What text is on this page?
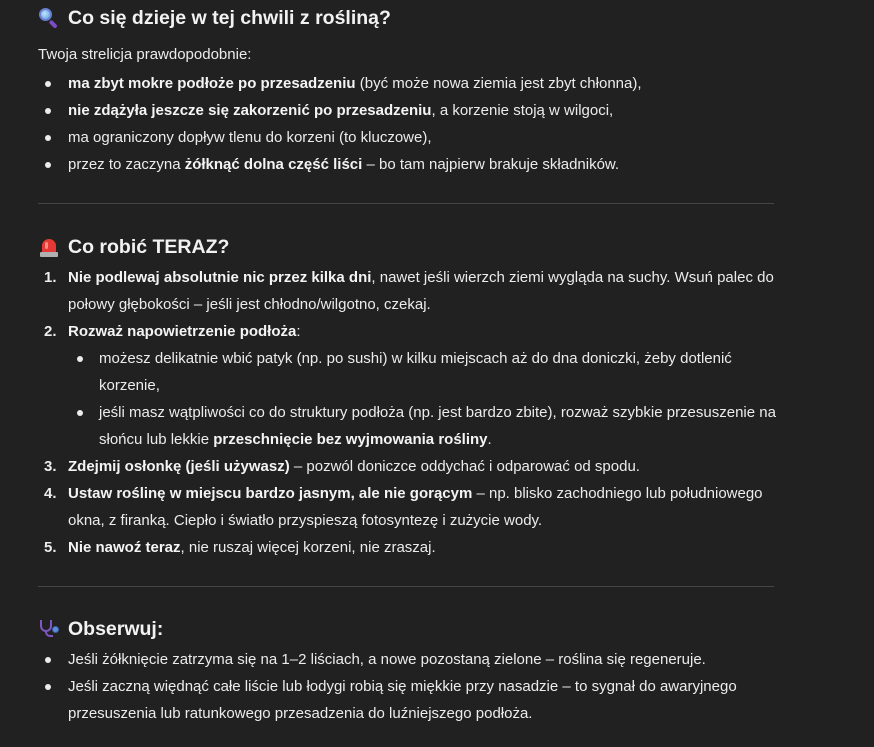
Co się dzieje w tej chwili z rośliną?

Twoja strelicja prawdopodobnie:

ma zbyt mokre podłoże po przesadzeniu (być może nowa ziemia jest zbyt chłonna),
nie zdążyła jeszcze się zakorzenić po przesadzeniu, a korzenie stoją w wilgoci,
ma ograniczony dopływ tlenu do korzeni (to kluczowe),
przez to zaczyna żółknąć dolna część liści – bo tam najpierw brakuje składników.
Co robić TERAZ?
1. Nie podlewaj absolutnie nic przez kilka dni, nawet jeśli wierzch ziemi wygląda na suchy. Wsuń palec do połowy głębokości – jeśli jest chłodno/wilgotno, czekaj.
2. Rozważ napowietrzenie podłoża:
możesz delikatnie wbić patyk (np. po sushi) w kilku miejscach aż do dna doniczki, żeby dotlenić korzenie,
jeśli masz wątpliwości co do struktury podłoża (np. jest bardzo zbite), rozważ szybkie przesuszenie na słońcu lub lekkie przeschnięcie bez wyjmowania rośliny.
3. Zdejmij osłonkę (jeśli używasz) – pozwól doniczce oddychać i odparować od spodu.
4. Ustaw roślinę w miejscu bardzo jasnym, ale nie gorącym – np. blisko zachodniego lub południowego okna, z firanką. Ciepło i światło przyspieszą fotosyntezę i zużycie wody.
5. Nie nawoź teraz, nie ruszaj więcej korzeni, nie zraszaj.
Obserwuj:
Jeśli żółknięcie zatrzyma się na 1–2 liściach, a nowe pozostaną zielone – roślina się regeneruje.
Jeśli zaczną więdnąć całe liście lub łodygi robią się miękkie przy nasadzie – to sygnał do awaryjnego przesuszenia lub ratunkowego przesadzenia do luźniejszego podłoża.
